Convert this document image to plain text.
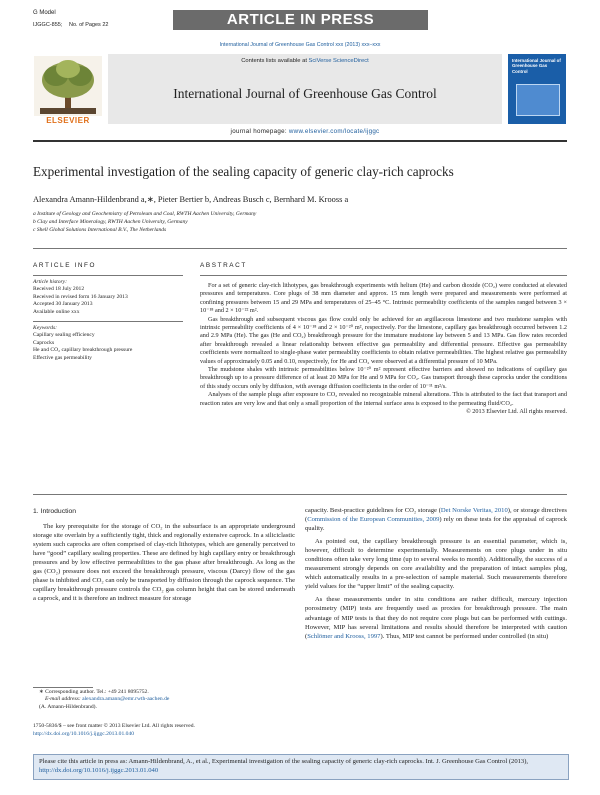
G Model
IJGGC-855; No. of Pages 22	ARTICLE IN PRESS
International Journal of Greenhouse Gas Control xxx (2013) xxx–xxx
ELSEVIER
Contents lists available at SciVerse ScienceDirect
International Journal of Greenhouse Gas Control
International Journal of Greenhouse Gas Control
journal homepage: www.elsevier.com/locate/ijggc
Experimental investigation of the sealing capacity of generic clay-rich caprocks
Alexandra Amann-Hildenbrand a,∗, Pieter Bertier b, Andreas Busch c, Bernhard M. Krooss a
a Institute of Geology and Geochemistry of Petroleum and Coal, RWTH Aachen University, Germany
b Clay and Interface Mineralogy, RWTH Aachen University, Germany
c Shell Global Solutions International B.V., The Netherlands
ARTICLE INFO
Article history:
Received 18 July 2012
Received in revised form 16 January 2013
Accepted 30 January 2013
Available online xxx
Keywords:
Capillary sealing efficiency
Caprocks
He and CO₂ capillary breakthrough pressure
Effective gas permeability
ABSTRACT

For a set of generic clay-rich lithotypes, gas breakthrough experiments with helium (He) and carbon dioxide (CO₂) were conducted at elevated pressures and temperatures. Core plugs of 38 mm diameter and approx. 15 mm length were prepared and measurements were performed at confining pressures between 15 and 29 MPa and temperatures of 25–45 °C. Intrinsic permeability coefficients of the samples ranged between 3 × 10⁻¹⁸ and 2 × 10⁻²² m².

Gas breakthrough and subsequent viscous gas flow could only be achieved for an argillaceous limestone and two mudstone samples with intrinsic permeability coefficients of 4 × 10⁻¹⁸ and 2 × 10⁻²⁰ m², respectively. For the limestone, capillary gas breakthrough occurred between 1.2 and 2.9 MPa (He). The gas (He and CO₂) breakthrough pressure for the immature mudstone lay between 5 and 13 MPa. Gas flow rates recorded after breakthrough revealed a linear relationship between effective gas permeability and differential pressure. Effective gas permeability coefficients were normalized to single-phase water permeability coefficients to obtain relative permeabilities. The highest relative gas permeability values of approximately 0.05 and 0.10, respectively, for He and CO₂ were observed at a differential pressure of 10 MPa.

The mudstone shales with intrinsic permeabilities below 10⁻²⁰ m² represent effective barriers and showed no indications of capillary gas breakthrough up to a pressure difference of at least 20 MPa for He and 9 MPa for CO₂. Gas transport through these caprocks under the conditions of this study occurs only by diffusion, with average diffusion coefficients in the order of 10⁻¹¹ m²/s.

Analyses of the sample plugs after exposure to CO₂ revealed no recognizable mineral alterations. This is attributed to the fact that transport and reaction rates are very low and that only a small proportion of the internal surface area is exposed to the permeating fluid/CO₂.

© 2013 Elsevier Ltd. All rights reserved.

1. Introduction
The key prerequisite for the storage of CO₂ in the subsurface is an appropriate underground storage site overlain by a sufficiently tight, thick and regionally extensive caprock. In a siliciclastic system such caprocks are often comprised of clay-rich lithotypes, which are generally perceived to have “good” capillary sealing properties. These are defined by high capillary entry or breakthrough pressures and by low effective permeabilities to the gas phase after breakthrough. As long as the gas (CO₂) pressure does not exceed the breakthrough pressure, viscous (Darcy) flow of the gas phase is inhibited and CO₂ can only be transported by diffusion through the caprock sequence. The capillary breakthrough pressure controls the CO₂ gas column height that can be stored underneath a caprock, and it is therefore an indirect measure for storage

capacity. Best-practice guidelines for CO₂ storage (Det Norske Veritas, 2010), or storage directives (Commission of the European Communities, 2009) rely on these tests for the appraisal of caprock quality.

As pointed out, the capillary breakthrough pressure is an essential parameter, which is, however, difficult to determine experimentally. Measurements on core plugs under in situ conditions often take very long time (up to several weeks to month). Additionally, the success of a measurement strongly depends on core availability and the preparation of intact samples plug, which automatically results in a pre-selection of sample material. Such measurements therefore yield values for the “upper limit” of the sealing capacity.

As these measurements under in situ conditions are rather difficult, mercury injection porosimetry (MIP) tests are frequently used as proxies for breakthrough pressure. The main advantage of MIP tests is that they do not require core plugs but can be performed with cuttings. However, MIP has several limitations and results should therefore be interpreted with caution (Schlömer and Krooss, 1997). Thus, MIP test cannot be performed under controlled (in situ)

∗ Corresponding author. Tel.: +49 241 8095752.
E-mail address: alexandra.amann@emr.rwth-aachen.de
(A. Amann-Hildenbrand).
1750-5836/$ – see front matter © 2013 Elsevier Ltd. All rights reserved.
http://dx.doi.org/10.1016/j.ijggc.2013.01.040
Please cite this article in press as: Amann-Hildenbrand, A., et al., Experimental investigation of the sealing capacity of generic clay-rich caprocks. Int. J. Greenhouse Gas Control (2013), http://dx.doi.org/10.1016/j.ijggc.2013.01.040
